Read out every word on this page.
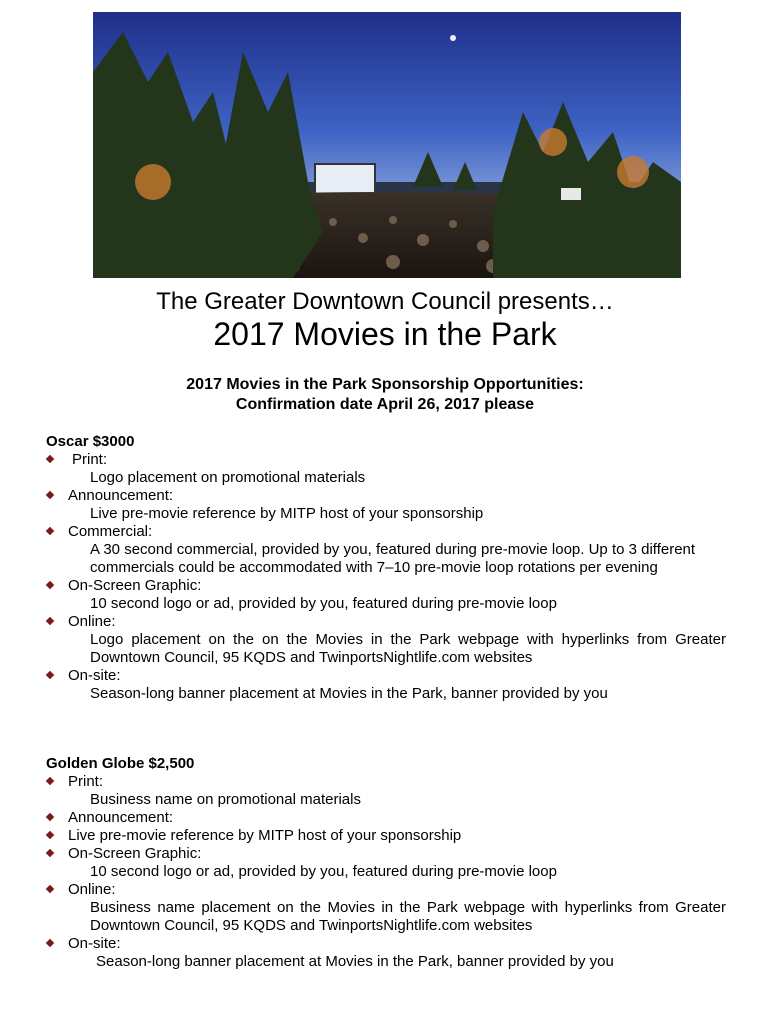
The Greater Downtown Council presents…
2017 Movies in the Park
2017 Movies in the Park Sponsorship Opportunities:
Confirmation date April 26, 2017 please
Oscar $3000
Print:
Logo placement on promotional materials
Announcement:
Live pre-movie reference by MITP host of your sponsorship
Commercial:
A 30 second commercial, provided by you, featured during pre-movie loop. Up to 3 different commercials could be accommodated with 7–10 pre-movie loop rotations per evening
On-Screen Graphic:
10 second logo or ad, provided by you, featured during pre-movie loop
Online:
Logo placement on the on the Movies in the Park webpage with hyperlinks from Greater Downtown Council, 95 KQDS and TwinportsNightlife.com websites
On-site:
Season-long banner placement at Movies in the Park, banner provided by you
Golden Globe $2,500
Print:
Business name on promotional materials
Announcement:
Live pre-movie reference by MITP host of your sponsorship
On-Screen Graphic:
10 second logo or ad, provided by you, featured during pre-movie loop
Online:
Business name placement on the Movies in the Park webpage with hyperlinks from Greater Downtown Council, 95 KQDS and TwinportsNightlife.com websites
On-site:
Season-long banner placement at Movies in the Park, banner provided by you
